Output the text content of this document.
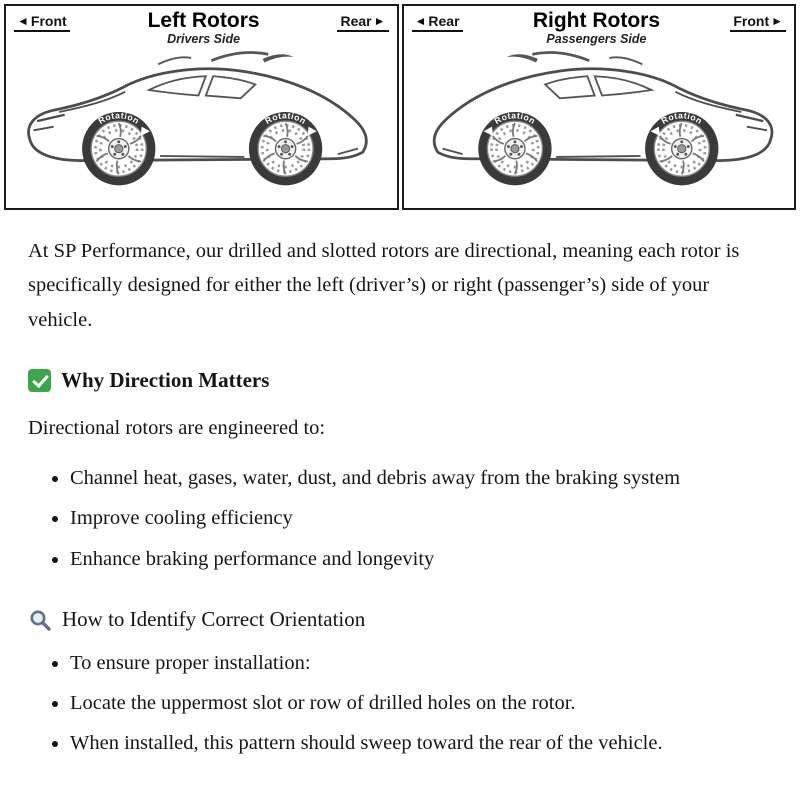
◄ Front	Left Rotors
Drivers Side
Rear ►
Rotation	Rotation
◄ Rear	Right Rotors
Passengers Side
Front ►
Rotation	Rotation

At SP Performance, our drilled and slotted rotors are directional, meaning each rotor is specifically designed for either the left (driver’s) or right (passenger’s) side of your vehicle.

Why Direction Matters

Directional rotors are engineered to:

• Channel heat, gases, water, dust, and debris away from the braking system
• Improve cooling efficiency
• Enhance braking performance and longevity
How to Identify Correct Orientation
• To ensure proper installation:
• Locate the uppermost slot or row of drilled holes on the rotor.
• When installed, this pattern should sweep toward the rear of the vehicle.
